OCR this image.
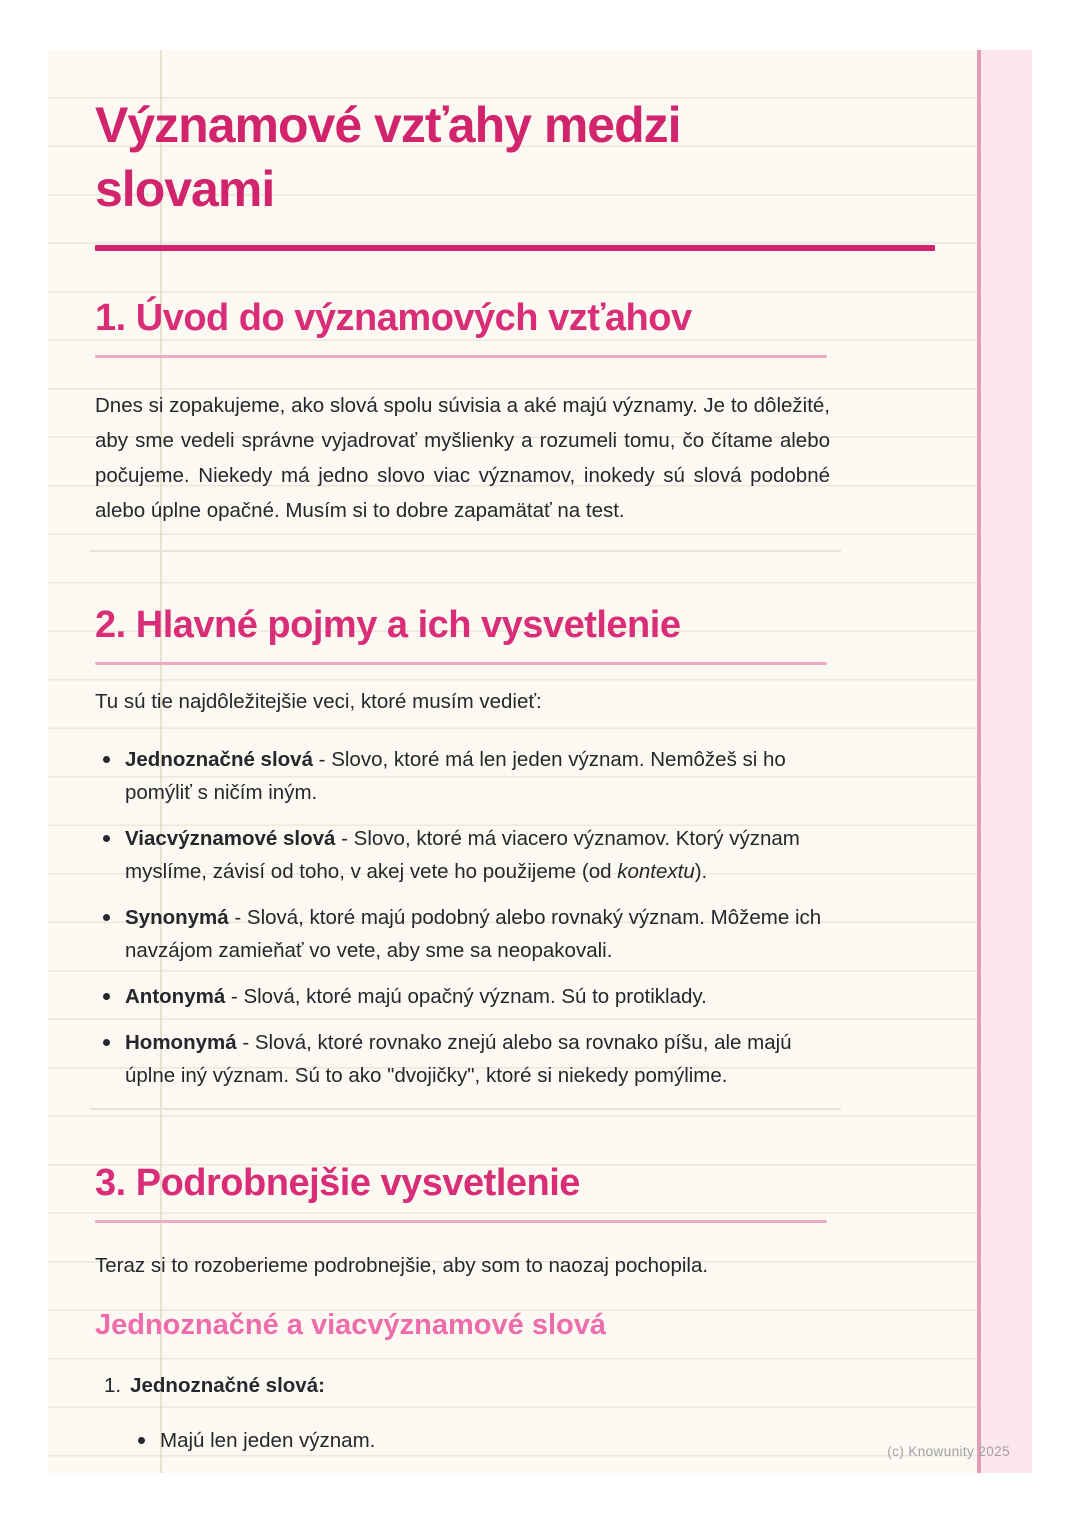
Významové vzťahy medzi slovami
1. Úvod do významových vzťahov

Dnes si zopakujeme, ako slová spolu súvisia a aké majú významy. Je to dôležité, aby sme vedeli správne vyjadrovať myšlienky a rozumeli tomu, čo čítame alebo počujeme. Niekedy má jedno slovo viac významov, inokedy sú slová podobné alebo úplne opačné. Musím si to dobre zapamätať na test.

2. Hlavné pojmy a ich vysvetlenie

Tu sú tie najdôležitejšie veci, ktoré musím vedieť:

Jednoznačné slová - Slovo, ktoré má len jeden význam. Nemôžeš si ho pomýliť s ničím iným.
Viacvýznamové slová - Slovo, ktoré má viacero významov. Ktorý význam myslíme, závisí od toho, v akej vete ho použijeme (od kontextu).
Synonymá - Slová, ktoré majú podobný alebo rovnaký význam. Môžeme ich navzájom zamieňať vo vete, aby sme sa neopakovali.
Antonymá - Slová, ktoré majú opačný význam. Sú to protiklady.
Homonymá - Slová, ktoré rovnako znejú alebo sa rovnako píšu, ale majú úplne iný význam. Sú to ako "dvojičky", ktoré si niekedy pomýlime.
3. Podrobnejšie vysvetlenie

Teraz si to rozoberieme podrobnejšie, aby som to naozaj pochopila.

Jednoznačné a viacvýznamové slová
1. Jednoznačné slová:
Majú len jeden význam.	(c) Knowunity 2025
